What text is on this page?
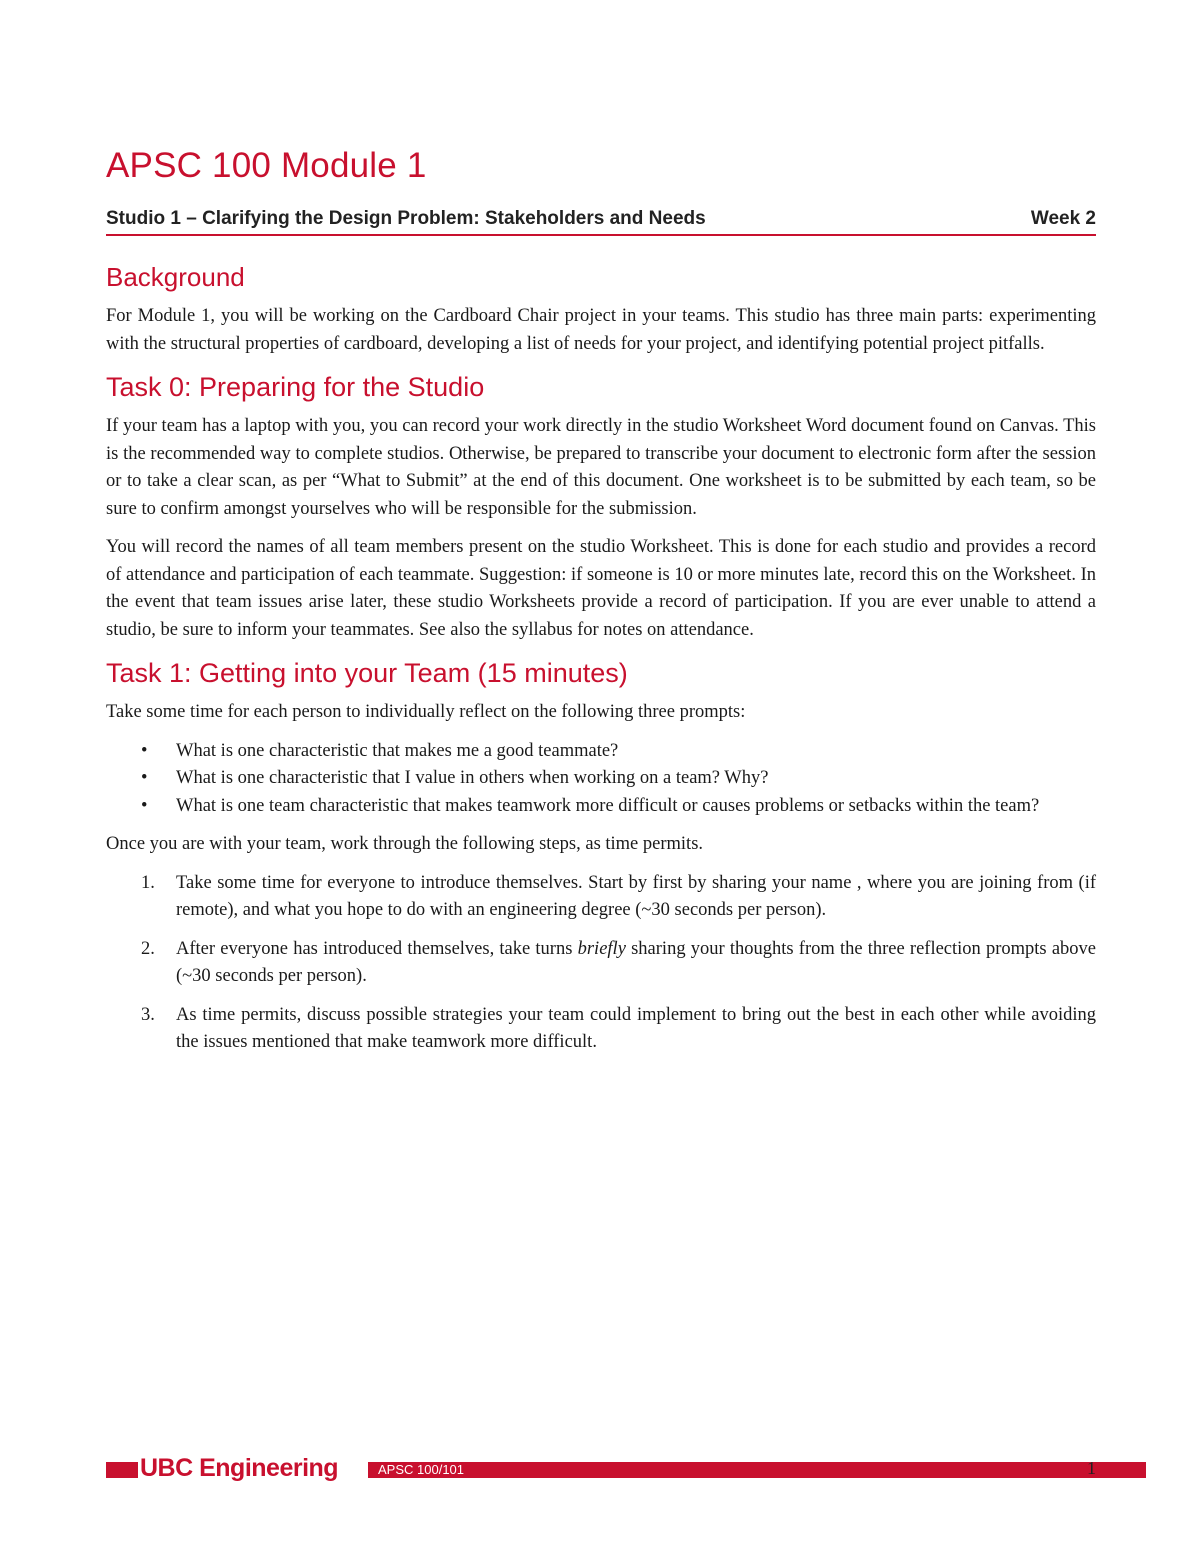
APSC 100 Module 1
Studio 1 – Clarifying the Design Problem: Stakeholders and Needs	Week 2
Background

For Module 1, you will be working on the Cardboard Chair project in your teams. This studio has three main parts: experimenting with the structural properties of cardboard, developing a list of needs for your project, and identifying potential project pitfalls.

Task 0: Preparing for the Studio

If your team has a laptop with you, you can record your work directly in the studio Worksheet Word document found on Canvas. This is the recommended way to complete studios. Otherwise, be prepared to transcribe your document to electronic form after the session or to take a clear scan, as per “What to Submit” at the end of this document. One worksheet is to be submitted by each team, so be sure to confirm amongst yourselves who will be responsible for the submission.

You will record the names of all team members present on the studio Worksheet. This is done for each studio and provides a record of attendance and participation of each teammate. Suggestion: if someone is 10 or more minutes late, record this on the Worksheet. In the event that team issues arise later, these studio Worksheets provide a record of participation. If you are ever unable to attend a studio, be sure to inform your teammates. See also the syllabus for notes on attendance.

Task 1: Getting into your Team (15 minutes)

Take some time for each person to individually reflect on the following three prompts:

• What is one characteristic that makes me a good teammate?
• What is one characteristic that I value in others when working on a team? Why?
• What is one team characteristic that makes teamwork more difficult or causes problems or setbacks within the team?

Once you are with your team, work through the following steps, as time permits.

1. Take some time for everyone to introduce themselves. Start by first by sharing your name , where you are joining from (if remote), and what you hope to do with an engineering degree (~30 seconds per person).
2. After everyone has introduced themselves, take turns briefly sharing your thoughts from the three reflection prompts above (~30 seconds per person).
3. As time permits, discuss possible strategies your team could implement to bring out the best in each other while avoiding the issues mentioned that make teamwork more difficult.
UBC Engineering	APSC 100/101	1
